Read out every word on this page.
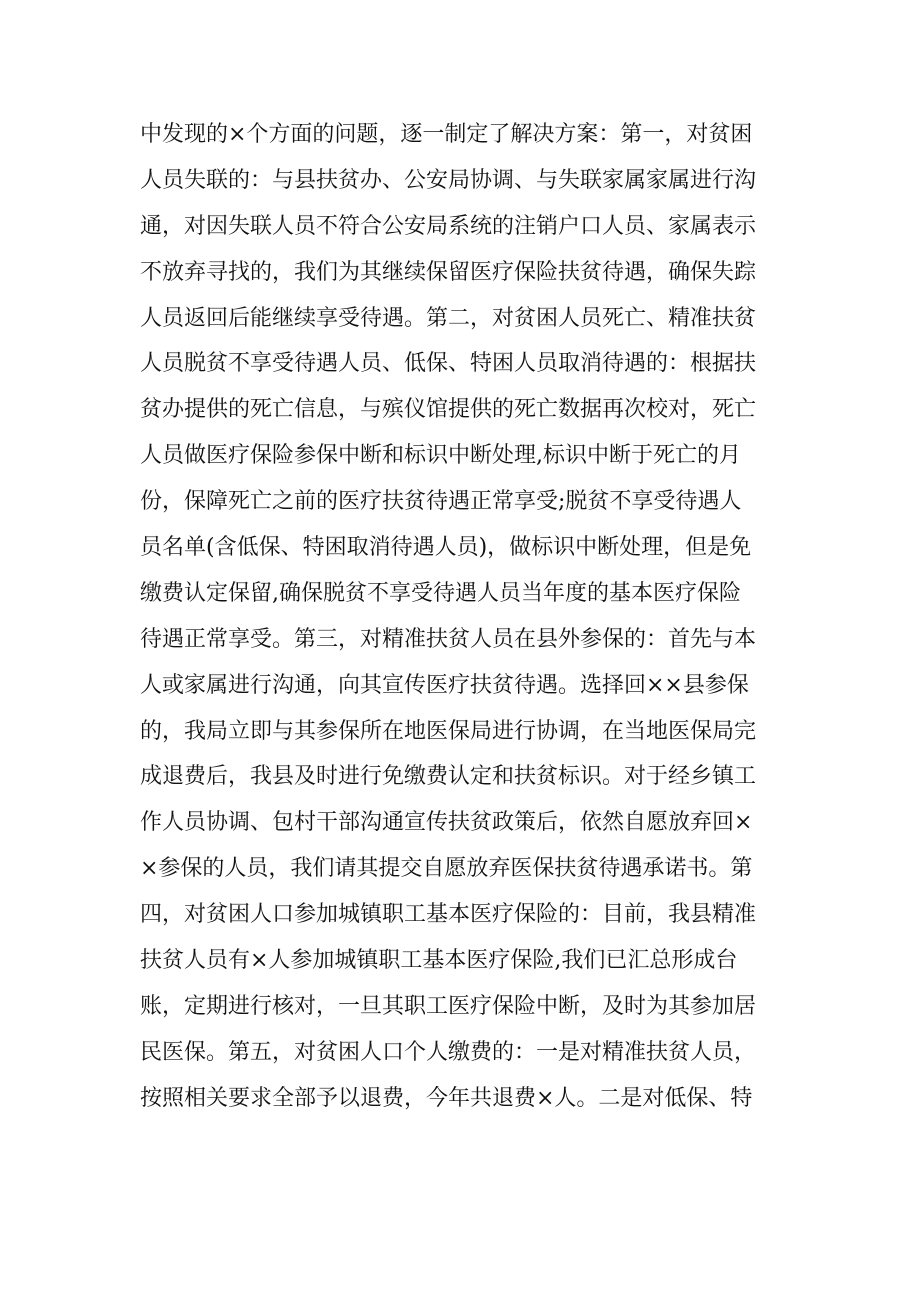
中发现的×个方面的问题，逐一制定了解决方案：第一，对贫困
人员失联的：与县扶贫办、公安局协调、与失联家属家属进行沟
通，对因失联人员不符合公安局系统的注销户口人员、家属表示
不放弃寻找的，我们为其继续保留医疗保险扶贫待遇，确保失踪
人员返回后能继续享受待遇。第二，对贫困人员死亡、精准扶贫
人员脱贫不享受待遇人员、低保、特困人员取消待遇的：根据扶
贫办提供的死亡信息，与殡仪馆提供的死亡数据再次校对，死亡
人员做医疗保险参保中断和标识中断处理,标识中断于死亡的月
份，保障死亡之前的医疗扶贫待遇正常享受;脱贫不享受待遇人
员名单(含低保、特困取消待遇人员)，做标识中断处理，但是免
缴费认定保留,确保脱贫不享受待遇人员当年度的基本医疗保险
待遇正常享受。第三，对精准扶贫人员在县外参保的：首先与本
人或家属进行沟通，向其宣传医疗扶贫待遇。选择回××县参保
的，我局立即与其参保所在地医保局进行协调，在当地医保局完
成退费后，我县及时进行免缴费认定和扶贫标识。对于经乡镇工
作人员协调、包村干部沟通宣传扶贫政策后，依然自愿放弃回×
×参保的人员，我们请其提交自愿放弃医保扶贫待遇承诺书。第
四，对贫困人口参加城镇职工基本医疗保险的：目前，我县精准
扶贫人员有×人参加城镇职工基本医疗保险,我们已汇总形成台
账，定期进行核对，一旦其职工医疗保险中断，及时为其参加居
民医保。第五，对贫困人口个人缴费的：一是对精准扶贫人员，
按照相关要求全部予以退费，今年共退费×人。二是对低保、特
